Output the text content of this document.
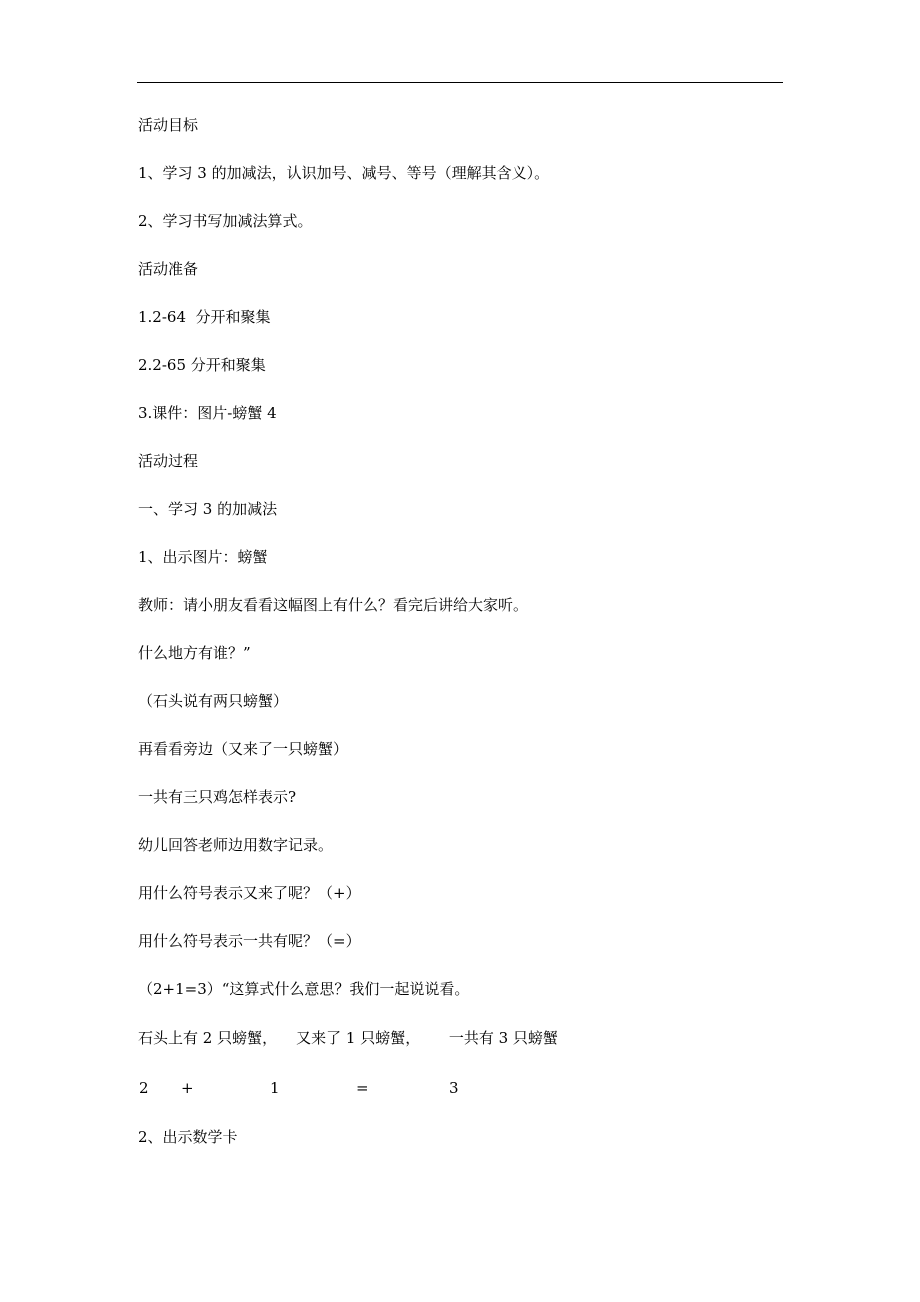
活动目标
1、学习 3 的加减法，认识加号、减号、等号（理解其含义）。
2、学习书写加减法算式。
活动准备
1.2-64  分开和聚集
2.2-65 分开和聚集
3.课件：图片-螃蟹 4
活动过程
一、学习 3 的加减法
1、出示图片：螃蟹
教师：请小朋友看看这幅图上有什么？看完后讲给大家听。
什么地方有谁？”
（石头说有两只螃蟹）
再看看旁边（又来了一只螃蟹）
一共有三只鸡怎样表示?
幼儿回答老师边用数字记录。
用什么符号表示又来了呢？（+）
用什么符号表示一共有呢？（=）
（2+1=3）“这算式什么意思？我们一起说说看。
石头上有 2 只螃蟹，    又来了 1 只螃蟹，      一共有 3 只螃蟹
2 +	1	=	3
2、出示数学卡
